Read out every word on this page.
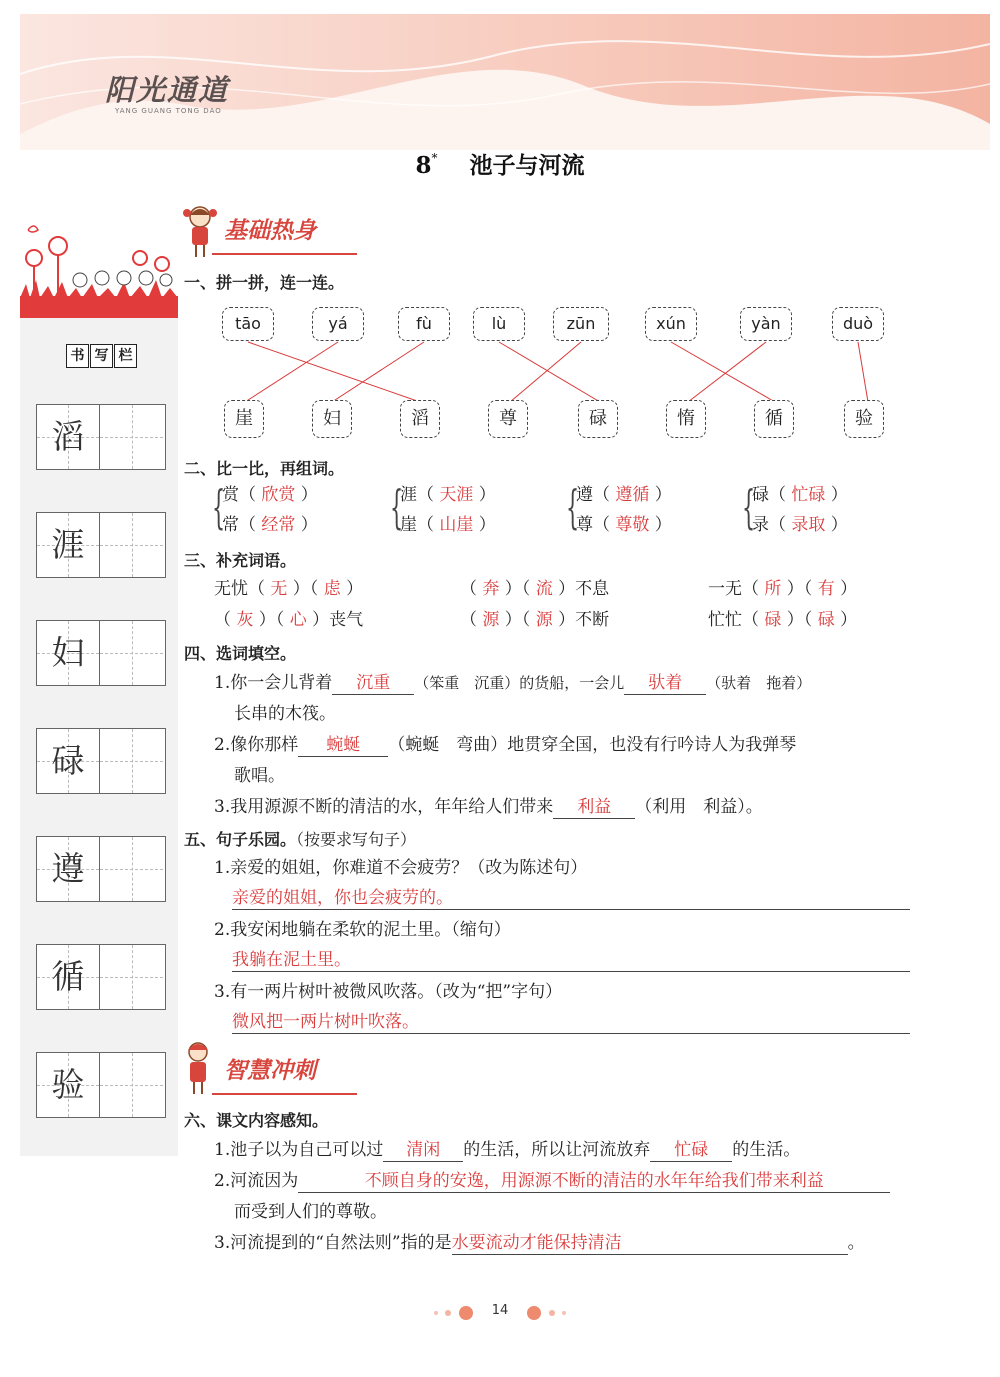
阳光通道
YANG GUANG TONG DAO
8* 池子与河流
书 写 栏
滔
涯
妇
碌
遵
循
验
基础热身
一、拼一拼，连一连。
tāo	yá	fù	lù	zūn	xún	yàn	duò
崖	妇	滔	尊	碌	惰	循	验
二、比一比，再组词。
{
赏（ 欣赏 ）
常（ 经常 ） {
涯（ 天涯 ）
崖（ 山崖 ） {
遵（ 遵循 ）
尊（ 尊敬 ） {
碌（ 忙碌 ）
录（ 录取 ）
三、补充词语。
无忧（ 无 ）（ 虑 ）	（ 奔 ）（ 流 ）不息	一无（ 所 ）（ 有 ）
（ 灰 ）（ 心 ）丧气	（ 源 ）（ 源 ）不断	忙忙（ 碌 ）（ 碌 ）
四、选词填空。
1.你一会儿背着 沉重 （笨重　沉重）的货船，一会儿 驮着 （驮着　拖着）
长串的木筏。
2.像你那样 蜿蜒 （蜿蜒　弯曲）地贯穿全国，也没有行吟诗人为我弹琴
歌唱。
3.我用源源不断的清洁的水，年年给人们带来 利益 （利用　利益）。
五、句子乐园。（按要求写句子）
1.亲爱的姐姐，你难道不会疲劳？（改为陈述句）
亲爱的姐姐，你也会疲劳的。
2.我安闲地躺在柔软的泥土里。（缩句）
我躺在泥土里。
3.有一两片树叶被微风吹落。（改为“把”字句）
微风把一两片树叶吹落。
智慧冲刺
六、课文内容感知。
1.池子以为自己可以过 清闲 的生活，所以让河流放弃 忙碌 的生活。
2.河流因为	不顾自身的安逸，用源源不断的清洁的水年年给我们带来利益
而受到人们的尊敬。
3.河流提到的“自然法则”指的是水要流动才能保持清洁	。
14
